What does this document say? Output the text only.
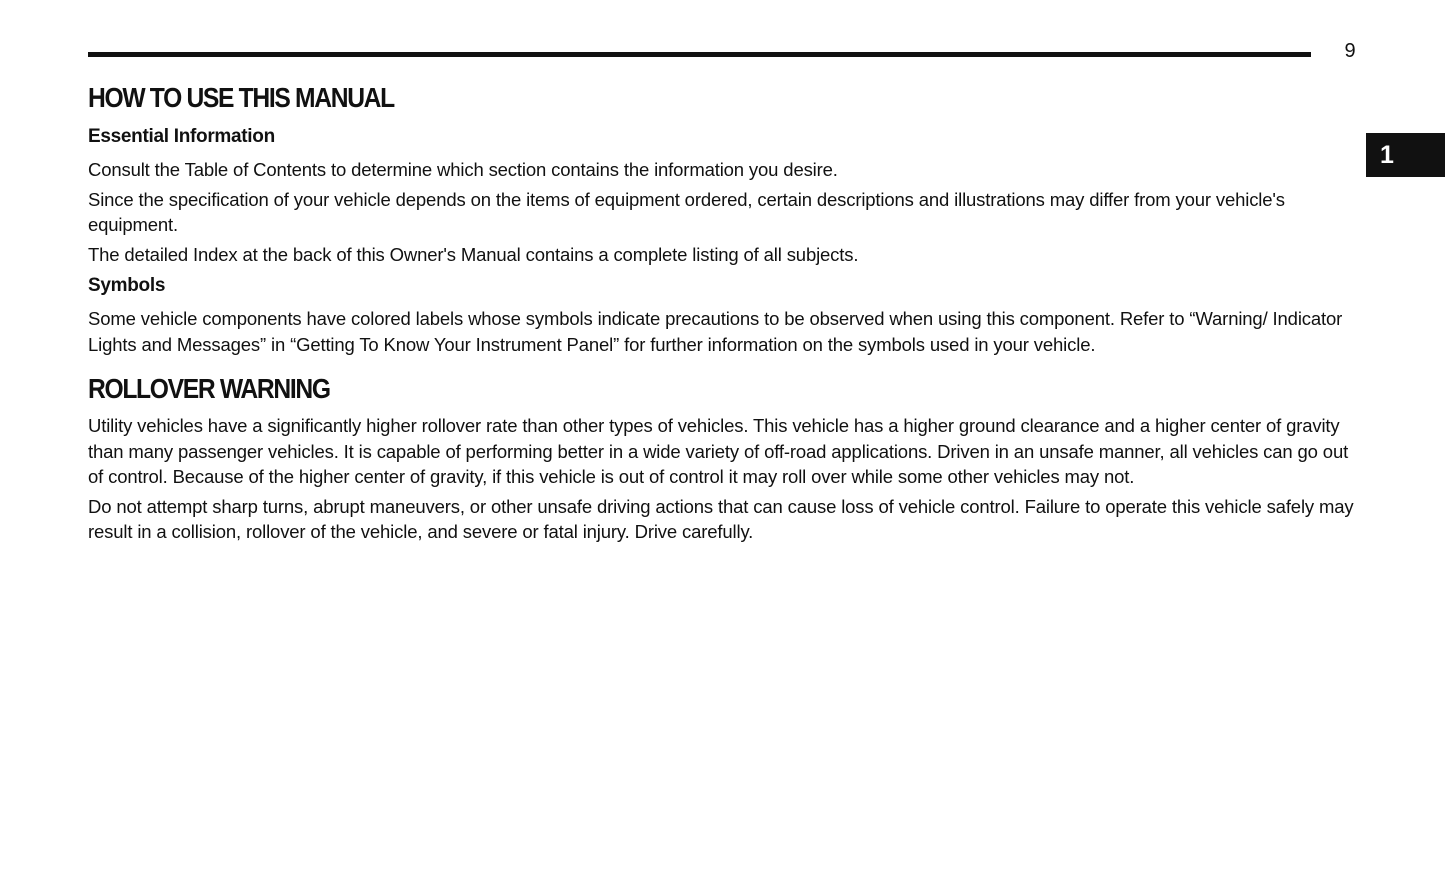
9
1
HOW TO USE THIS MANUAL
Essential Information

Consult the Table of Contents to determine which section contains the information you desire.

Since the specification of your vehicle depends on the items of equipment ordered, certain descriptions and illustrations may differ from your vehicle's equipment.

The detailed Index at the back of this Owner's Manual contains a complete listing of all subjects.

Symbols

Some vehicle components have colored labels whose symbols indicate precautions to be observed when using this component. Refer to “Warning/ Indicator Lights and Messages” in “Getting To Know Your Instrument Panel” for further information on the symbols used in your vehicle.

ROLLOVER WARNING

Utility vehicles have a significantly higher rollover rate than other types of vehicles. This vehicle has a higher ground clearance and a higher center of gravity than many passenger vehicles. It is capable of performing better in a wide variety of off-road applications. Driven in an unsafe manner, all vehicles can go out of control. Because of the higher center of gravity, if this vehicle is out of control it may roll over while some other vehicles may not.

Do not attempt sharp turns, abrupt maneuvers, or other unsafe driving actions that can cause loss of vehicle control. Failure to operate this vehicle safely may result in a collision, rollover of the vehicle, and severe or fatal injury. Drive carefully.
